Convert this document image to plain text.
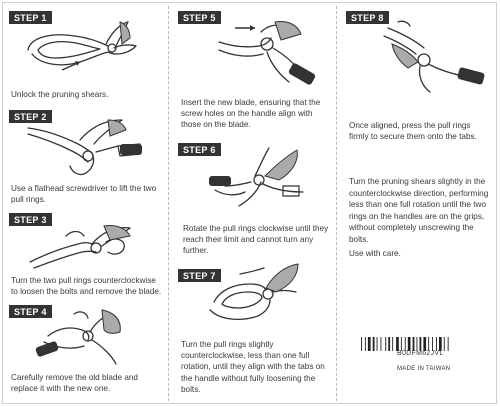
STEP 1
Unlock the pruning shears.
STEP 2
Use a flathead screwdriver to lift the two pull rings.
STEP 3
Turn the two pull rings counterclockwise to loosen the bolts and remove the blade.
STEP 4
Carefully remove the old blade and replace it with the new one.
STEP 5
Insert the new blade, ensuring that the screw holes on the handle align with those on the blade.
STEP 6
Rotate the pull rings clockwise until they reach their limit and cannot turn any further.
STEP 7
Turn the pull rings slightly counterclockwise, less than one full rotation, until they align with the tabs on the handle without fully loosening the bolts.
STEP 8
Once aligned, press the pull rings firmly to secure them onto the tabs.
Turn the pruning shears slightly in the counterclockwise direction, performing less than one full rotation until the two rings on the handles are on the grips, without completely unscrewing the bolts.
Use with care.
B0DFM62JVL
MADE IN TAIWAN
